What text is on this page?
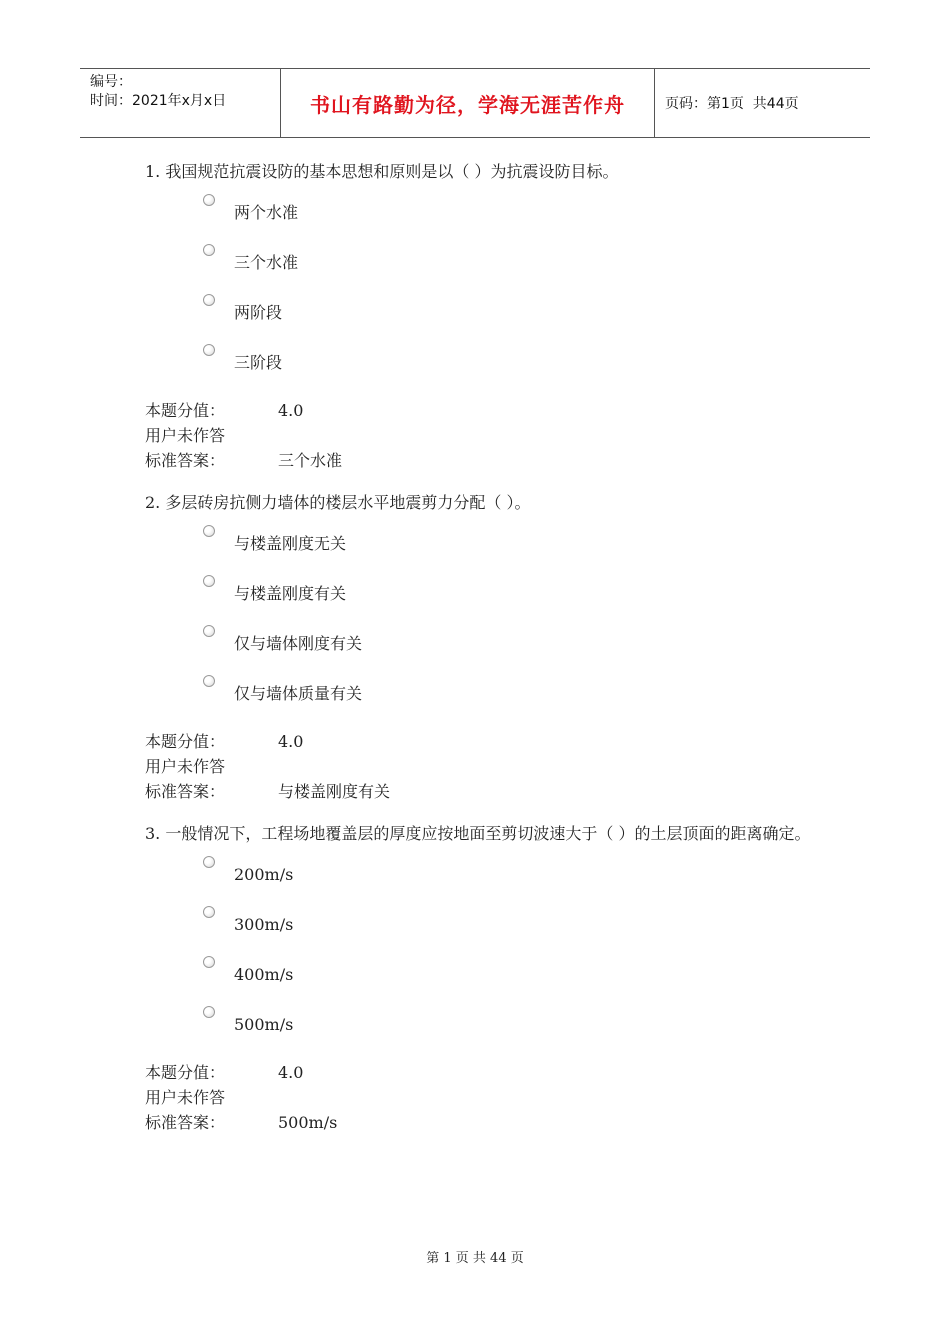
编号：
时间：2021年x月x日	书山有路勤为径，学海无涯苦作舟	页码：第1页  共44页
1. 我国规范抗震设防的基本思想和原则是以（ ）为抗震设防目标。
两个水准
三个水准
两阶段
三阶段
本题分值：	4.0
用户未作答
标准答案：	三个水准
2. 多层砖房抗侧力墙体的楼层水平地震剪力分配（ ）。
与楼盖刚度无关
与楼盖刚度有关
仅与墙体刚度有关
仅与墙体质量有关
本题分值：	4.0
用户未作答
标准答案：	与楼盖刚度有关
3. 一般情况下，工程场地覆盖层的厚度应按地面至剪切波速大于（ ）的土层顶面的距离确定。
200m/s
300m/s
400m/s
500m/s
本题分值：	4.0
用户未作答
标准答案：	500m/s
第 1 页 共 44 页
